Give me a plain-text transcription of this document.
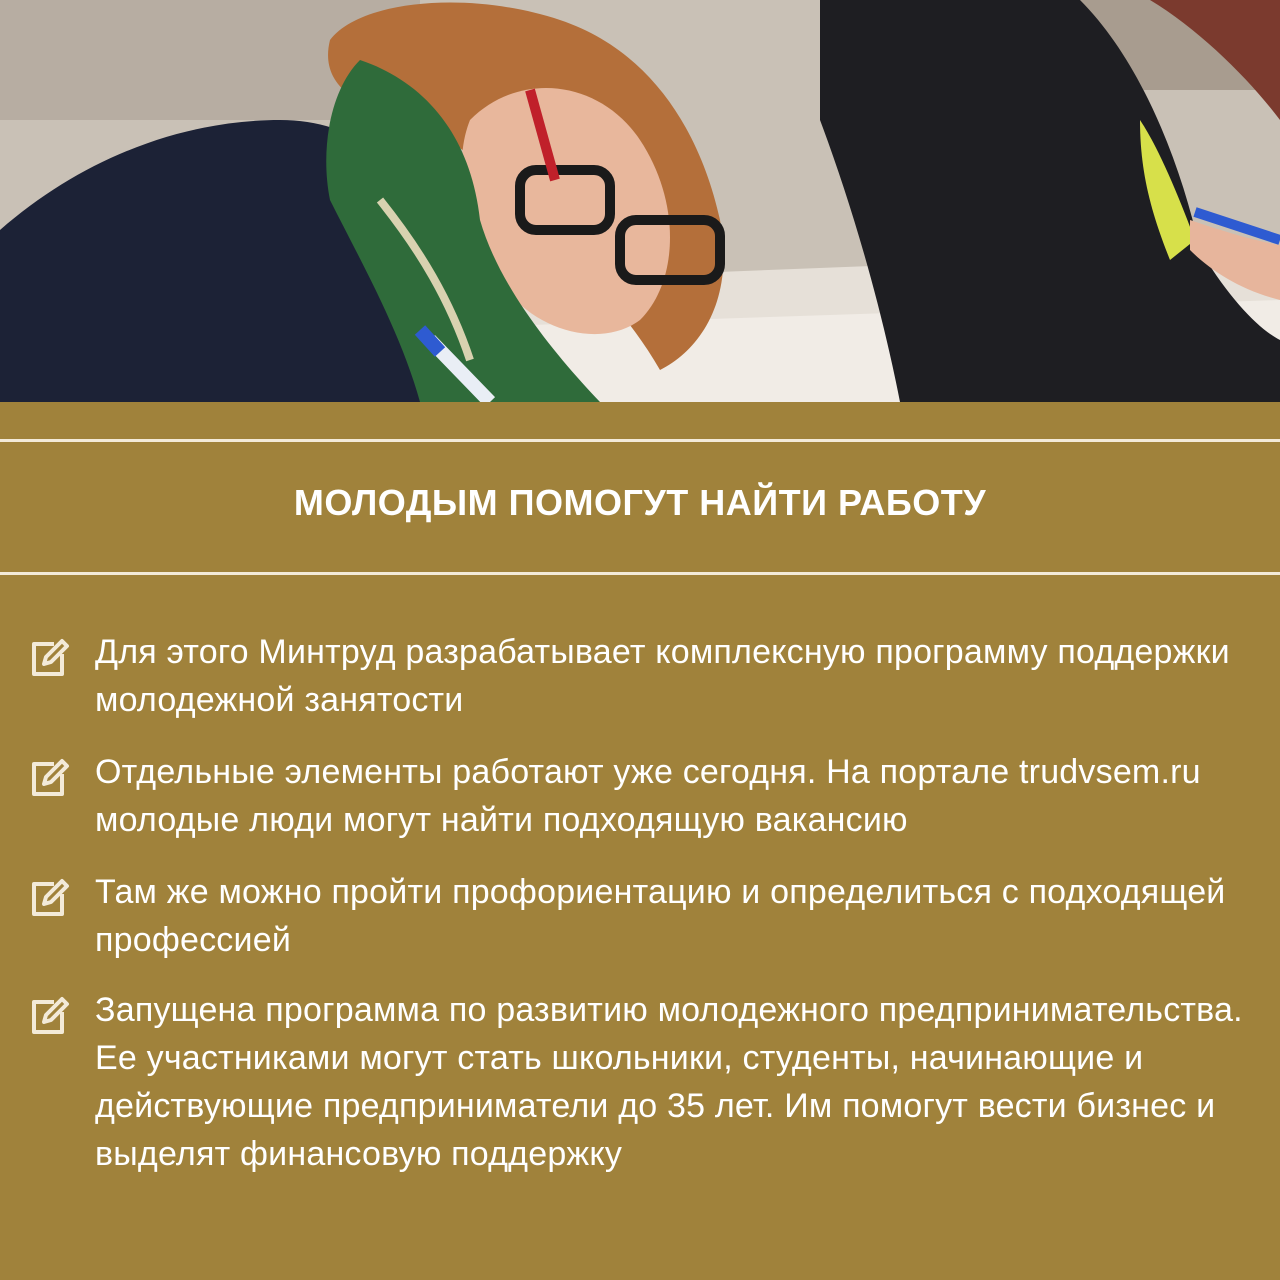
МОЛОДЫМ ПОМОГУТ НАЙТИ РАБОТУ
Для этого Минтруд разрабатывает комплексную программу поддержки молодежной занятости
Отдельные элементы работают уже сегодня. На портале trudvsem.ru молодые люди могут найти подходящую вакансию
Там же можно пройти профориентацию и определиться с подходящей профессией
Запущена программа по развитию молодежного предпринимательства. Ее участниками могут стать школьники, студенты, начинающие и действующие предприниматели до 35 лет. Им помогут вести бизнес и выделят финансовую поддержку
